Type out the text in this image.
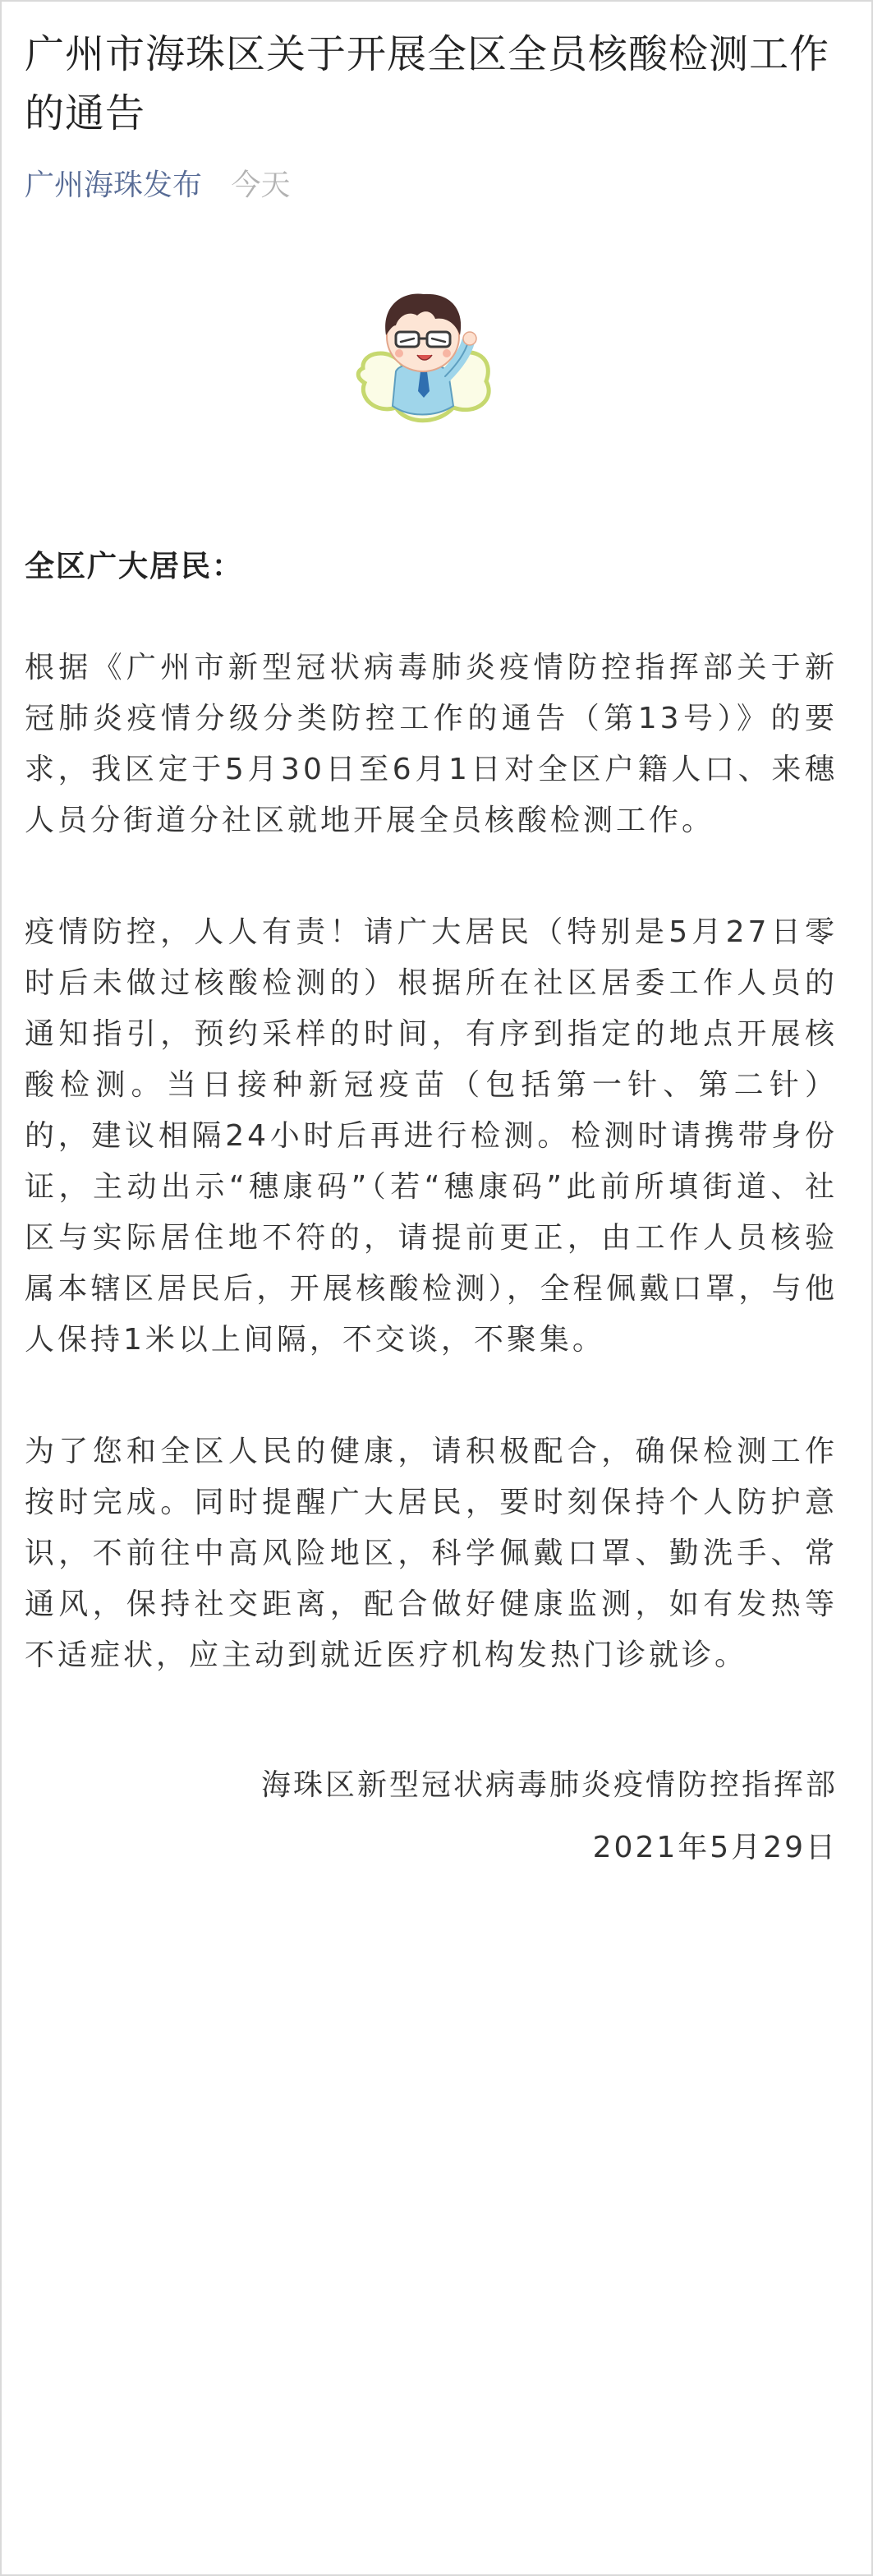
广州市海珠区关于开展全区全员核酸检测工作的通告
广州海珠发布 今天
全区广大居民：

根据《广州市新型冠状病毒肺炎疫情防控指挥部关于新冠肺炎疫情分级分类防控工作的通告（第13号）》的要求，我区定于5月30日至6月1日对全区户籍人口、来穗人员分街道分社区就地开展全员核酸检测工作。

疫情防控，人人有责！请广大居民（特别是5月27日零时后未做过核酸检测的）根据所在社区居委工作人员的通知指引，预约采样的时间，有序到指定的地点开展核酸检测。当日接种新冠疫苗（包括第一针、第二针）的，建议相隔24小时后再进行检测。检测时请携带身份证，主动出示“穗康码”（若“穗康码”此前所填街道、社区与实际居住地不符的，请提前更正，由工作人员核验属本辖区居民后，开展核酸检测），全程佩戴口罩，与他人保持1米以上间隔，不交谈，不聚集。

为了您和全区人民的健康，请积极配合，确保检测工作按时完成。同时提醒广大居民，要时刻保持个人防护意识，不前往中高风险地区，科学佩戴口罩、勤洗手、常通风，保持社交距离，配合做好健康监测，如有发热等不适症状，应主动到就近医疗机构发热门诊就诊。

海珠区新型冠状病毒肺炎疫情防控指挥部
2021年5月29日
